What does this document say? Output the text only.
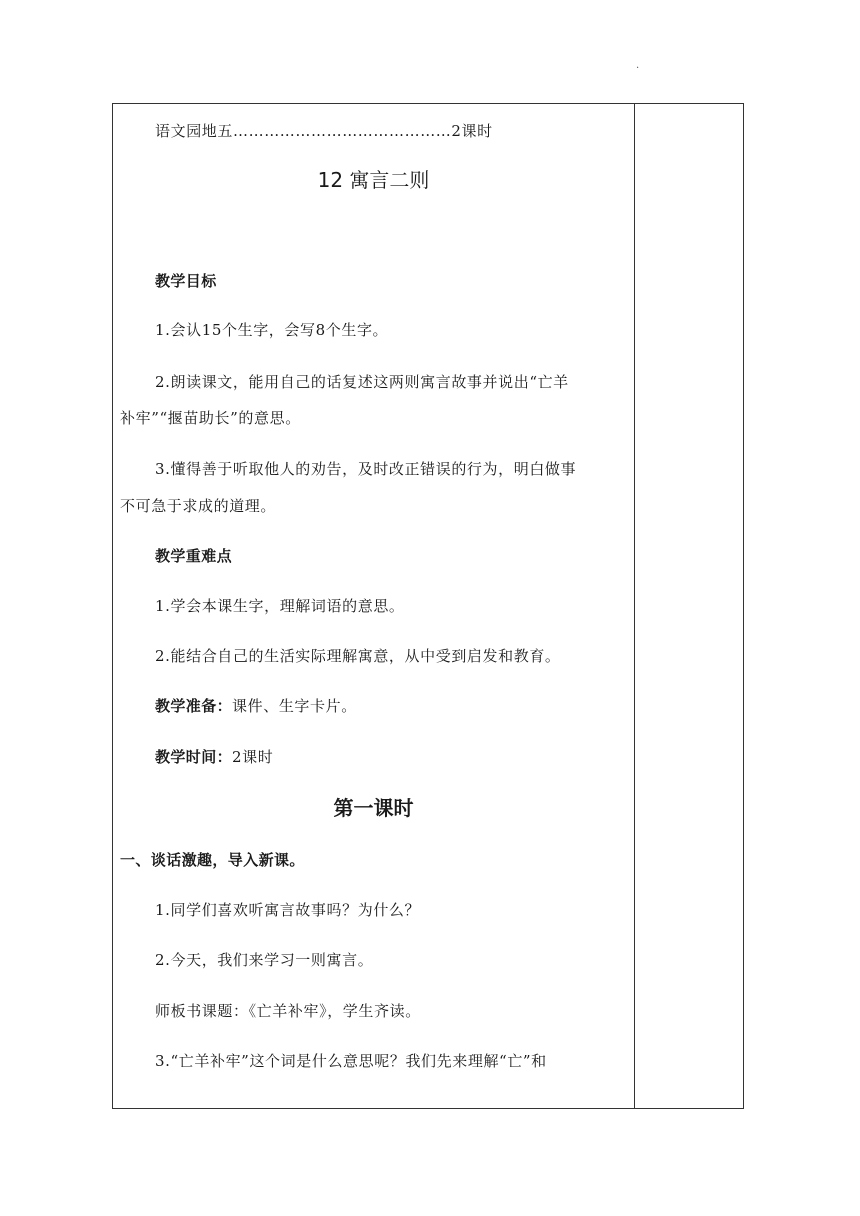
.
语文园地五……………………………………2课时
12 寓言二则
教学目标
1.会认15个生字，会写8个生字。
2.朗读课文，能用自己的话复述这两则寓言故事并说出“亡羊
补牢”“揠苗助长”的意思。
3.懂得善于听取他人的劝告，及时改正错误的行为，明白做事
不可急于求成的道理。
教学重难点
1.学会本课生字，理解词语的意思。
2.能结合自己的生活实际理解寓意，从中受到启发和教育。
教学准备：课件、生字卡片。
教学时间：2课时
第一课时
一、谈话激趣，导入新课。
1.同学们喜欢听寓言故事吗？为什么？
2.今天，我们来学习一则寓言。
师板书课题：《亡羊补牢》，学生齐读。
3.“亡羊补牢”这个词是什么意思呢？我们先来理解“亡”和
